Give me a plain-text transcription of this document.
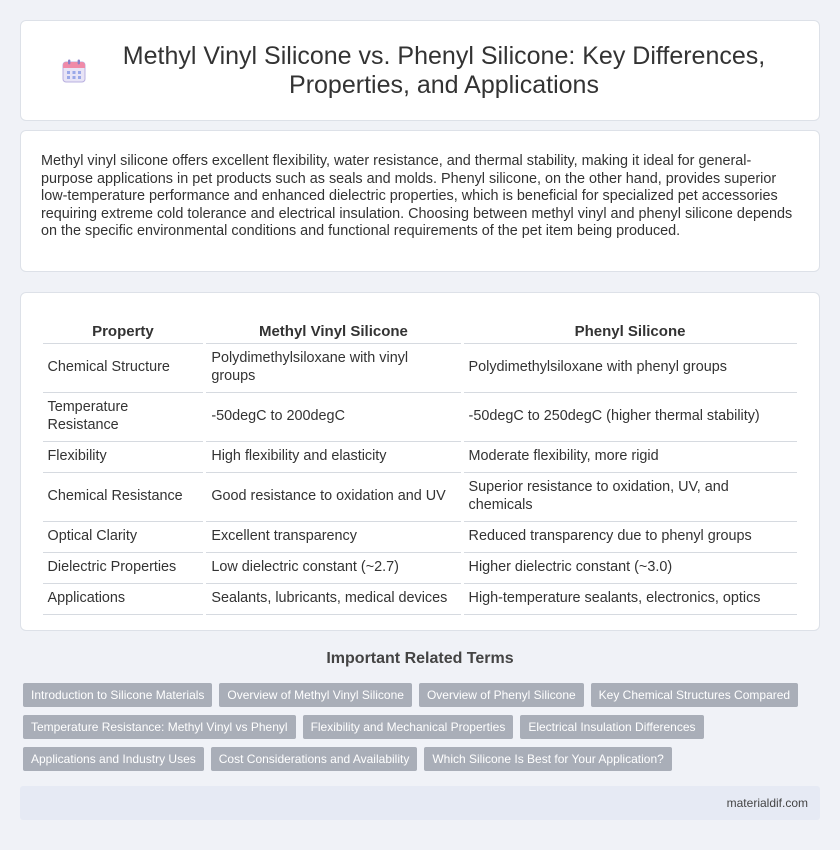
Methyl Vinyl Silicone vs. Phenyl Silicone: Key Differences, Properties, and Applications

Methyl vinyl silicone offers excellent flexibility, water resistance, and thermal stability, making it ideal for general-purpose applications in pet products such as seals and molds. Phenyl silicone, on the other hand, provides superior low-temperature performance and enhanced dielectric properties, which is beneficial for specialized pet accessories requiring extreme cold tolerance and electrical insulation. Choosing between methyl vinyl and phenyl silicone depends on the specific environmental conditions and functional requirements of the pet item being produced.

Property	Methyl Vinyl Silicone	Phenyl Silicone
Chemical Structure	Polydimethylsiloxane with vinyl groups	Polydimethylsiloxane with phenyl groups
Temperature Resistance	-50degC to 200degC	-50degC to 250degC (higher thermal stability)
Flexibility	High flexibility and elasticity	Moderate flexibility, more rigid
Chemical Resistance	Good resistance to oxidation and UV	Superior resistance to oxidation, UV, and chemicals
Optical Clarity	Excellent transparency	Reduced transparency due to phenyl groups
Dielectric Properties	Low dielectric constant (~2.7)	Higher dielectric constant (~3.0)
Applications	Sealants, lubricants, medical devices	High-temperature sealants, electronics, optics
Important Related Terms
Introduction to Silicone Materials	Overview of Methyl Vinyl Silicone	Overview of Phenyl Silicone	Key Chemical Structures Compared
Temperature Resistance: Methyl Vinyl vs Phenyl	Flexibility and Mechanical Properties	Electrical Insulation Differences
Applications and Industry Uses	Cost Considerations and Availability	Which Silicone Is Best for Your Application?
materialdif.com
